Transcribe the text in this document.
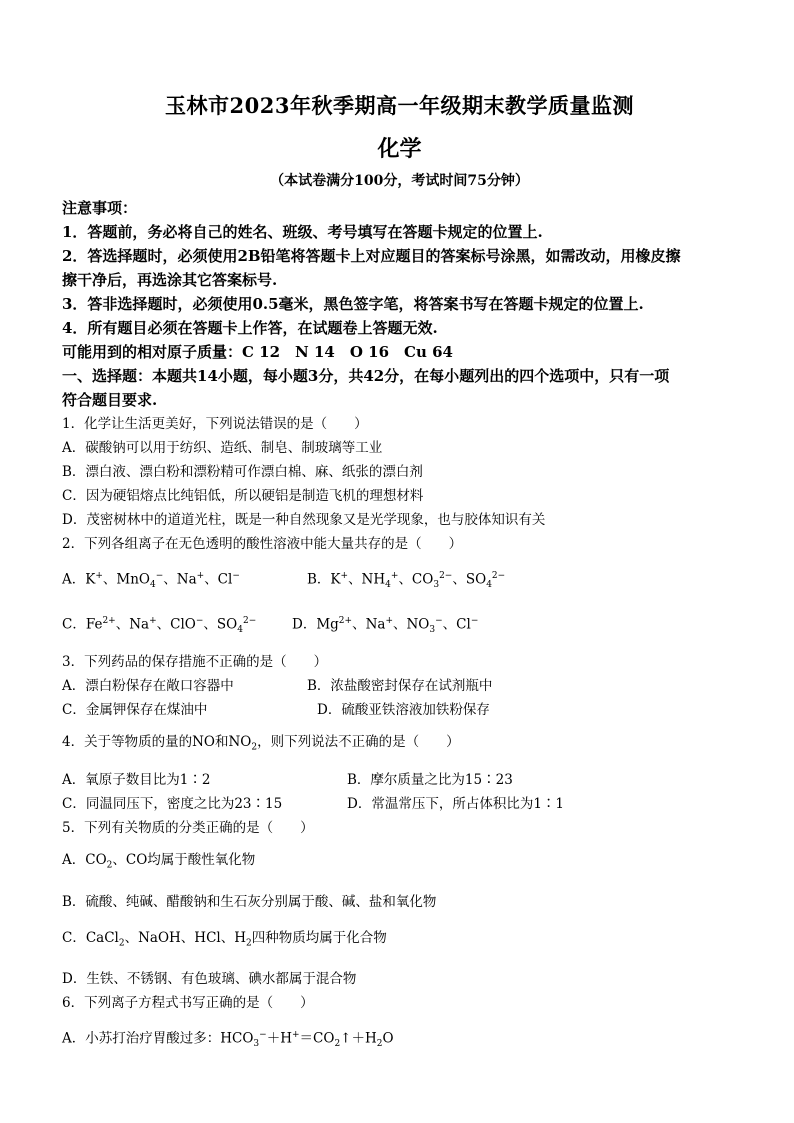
玉林市2023年秋季期高一年级期末教学质量监测

化学

（本试卷满分100分，考试时间75分钟）

注意事项：

1．答题前，务必将自己的姓名、班级、考号填写在答题卡规定的位置上.

2．答选择题时，必须使用2B铅笔将答题卡上对应题目的答案标号涂黑，如需改动，用橡皮擦

擦干净后，再选涂其它答案标号.

3．答非选择题时，必须使用0.5毫米，黑色签字笔，将答案书写在答题卡规定的位置上.

4．所有题目必须在答题卡上作答，在试题卷上答题无效.

可能用到的相对原子质量：C 12　N 14　O 16　Cu 64

一、选择题：本题共14小题，每小题3分，共42分，在每小题列出的四个选项中，只有一项

符合题目要求.

1．化学让生活更美好，下列说法错误的是（　　）

A．碳酸钠可以用于纺织、造纸、制皂、制玻璃等工业

B．漂白液、漂白粉和漂粉精可作漂白棉、麻、纸张的漂白剂

C．因为硬铝熔点比纯铝低，所以硬铝是制造飞机的理想材料

D．茂密树林中的道道光柱，既是一种自然现象又是光学现象，也与胶体知识有关

2．下列各组离子在无色透明的酸性溶液中能大量共存的是（　　）

A．K+、MnO$_4$−、Na+、Cl−	B．K+、$NH_4^+$、$CO_3^{2-}$、$SO_4^{2-}$
C．$Fe^{2+}$、Na+、ClO−、$SO_4^{2-}$	D．$Mg^{2+}$、Na+、$NO_3^-$、Cl−

3．下列药品的保存措施不正确的是（　　）

A．漂白粉保存在敞口容器中	B．浓盐酸密封保存在试剂瓶中
C．金属钾保存在煤油中	D．硫酸亚铁溶液加铁粉保存

4．关于等物质的量的NO和$NO_2$，则下列说法不正确的是（　　）

A．氧原子数目比为1∶2	B．摩尔质量之比为15∶23
C．同温同压下，密度之比为23∶15	D．常温常压下，所占体积比为1∶1

5．下列有关物质的分类正确的是（　　）

A．$CO_2$、CO均属于酸性氧化物

B．硫酸、纯碱、醋酸钠和生石灰分别属于酸、碱、盐和氧化物

C．CaCl$_2$、NaOH、HCl、$H_2$四种物质均属于化合物

D．生铁、不锈钢、有色玻璃、碘水都属于混合物

6．下列离子方程式书写正确的是（　　）

A．小苏打治疗胃酸过多：$HCO_3^-+H^+=CO_2↑+H_2O$
